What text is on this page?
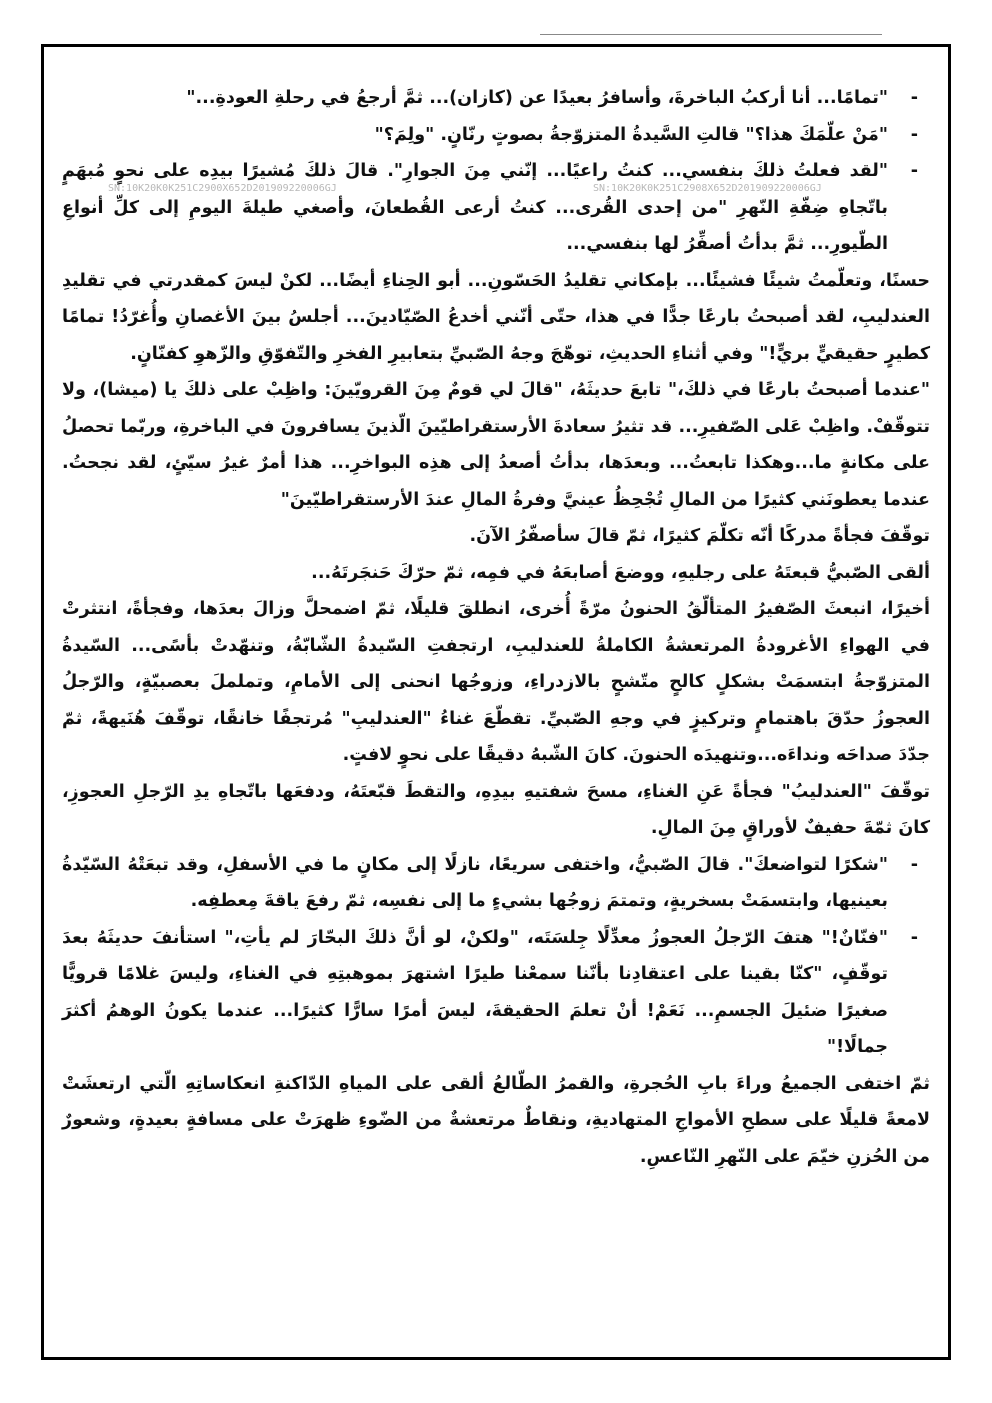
-
"تمامًا... أنا أركبُ الباخرةَ، وأسافرُ بعيدًا عن (كازان)... ثمَّ أرجعُ في رحلةِ العودةِ..."

-
"مَنْ علّمَكَ هذا؟" قالتِ السَّيدةُ المتزوّجةُ بصوتٍ رنّانٍ. "ولِمَ؟"

SN:10K20K0K251C2900X652D201909220006GJ	SN:10K20K0K251C2908X652D201909220006GJ

-
"لقد فعلتُ ذلكَ بنفسي... كنتُ راعيًا... إنّني مِنَ الجوارِ". قالَ ذلكَ مُشيرًا بيدِه على نحوٍ مُبهَمٍ باتّجاهِ ضِفّةِ النّهرِ "من إحدى القُرى... كنتُ أرعى القُطعانَ، وأصغي طيلةَ اليومِ إلى كلِّ أنواعِ الطّيورِ... ثمَّ بدأتُ أصفِّرُ لها بنفسي...

حسنًا، وتعلّمتُ شيئًا فشيئًا... بإمكاني تقليدُ الحَسّونِ... أبو الحِناءِ أيضًا... لكنْ ليسَ كمقدرتي في تقليدِ العندليبِ، لقد أصبحتُ بارعًا جدًّا في هذا، حتّى أنّني أخدعُ الصّيّادينَ... أجلسُ بينَ الأغصانِ وأُغرّدُ! تمامًا كطيرٍ حقيقيٍّ بريٍّ!" وفي أثناءِ الحديثِ، توهّجَ وجهُ الصّبيِّ بتعابيرِ الفخرِ والتّفوّقِ والزّهوِ كفنّانٍ.

"عندما أصبحتُ بارعًا في ذلكَ،" تابعَ حديثَهُ، "قالَ لي قومٌ مِنَ القرويّينَ: واظِبْ على ذلكَ يا (ميشا)، ولا تتوقّفْ. واظِبْ عَلى الصّفيرِ... قد تثيرُ سعادةَ الأرستقراطيّينَ الّذينَ يسافرونَ في الباخرةِ، وربّما تحصلُ على مكانةٍ ما...وهكذا تابعتُ... وبعدَها، بدأتُ أصعدُ إلى هذِه البواخرِ... هذا أمرٌ غيرُ سيّئٍ، لقد نجحتُ. عندما يعطونَني كثيرًا من المالِ تُجْحِظُ عينيَّ وفرةُ المالِ عندَ الأرستقراطيّينَ"

توقّفَ فجأةً مدركًا أنّه تكلّمَ كثيرًا، ثمّ قالَ سأصفّرُ الآنَ.

ألقى الصّبيُّ قبعتَهُ على رجليهِ، ووضعَ أصابعَهُ في فمِه، ثمّ حرّكَ حَنجَرتَهُ...

أخيرًا، انبعثَ الصّفيرُ المتألّقُ الحنونُ مرّةً أُخرى، انطلقَ قليلًا، ثمّ اضمحلَّ وزالَ بعدَها، وفجأةً، انتثرتْ في الهواءِ الأغرودةُ المرتعشةُ الكاملةُ للعندليبِ، ارتجفتِ السّيدةُ الشّابّةُ، وتنهّدتْ بأسًى... السّيدةُ المتزوّجةُ ابتسمَتْ بشكلٍ كالحٍ متّشحٍ بالازدراءِ، وزوجُها انحنى إلى الأمامِ، وتململَ بعصبيّةٍ، والرّجلُ العجوزُ حدّقَ باهتمامٍ وتركيزٍ في وجهِ الصّبيِّ. تقطّعَ غناءُ "العندليبِ" مُرتجفًا خانقًا، توقّفَ هُنَيهةً، ثمّ جدّدَ صداحَه ونداءَه...وتنهيدَه الحنونَ. كانَ الشّبهُ دقيقًا على نحوٍ لافتٍ.

توقّفَ "العندليبُ" فجأةً عَنِ الغناءِ، مسحَ شفتيهِ بيدِهِ، والتقطَ قبّعتَهُ، ودفعَها باتّجاهِ يدِ الرّجلِ العجوزِ، كانَ ثمّةَ حفيفٌ لأوراقٍ مِنَ المالِ.

-
"شكرًا لتواضعكَ". قالَ الصّبيُّ، واختفى سريعًا، نازلًا إلى مكانٍ ما في الأسفلِ، وقد تبعَتْهُ السّيّدةُ بعينيها، وابتسمَتْ بسخريةٍ، وتمتمَ زوجُها بشيءٍ ما إلى نفسِه، ثمّ رفعَ ياقةَ مِعطفِه.

-
"فنّانٌ!" هتفَ الرّجلُ العجوزُ معدِّلًا جِلسَتَه، "ولكنْ، لو أنَّ ذلكَ البحّارَ لم يأتِ،" استأنفَ حديثَهُ بعدَ توقّفٍ، "كنّا بقينا على اعتقادِنا بأنّنا سمعْنا طيرًا اشتهرَ بموهبتِهِ في الغناءِ، وليسَ غلامًا قرويًّا صغيرًا ضئيلَ الجسمِ... نَعَمْ! أنْ تعلمَ الحقيقةَ، ليسَ أمرًا سارًّا كثيرًا... عندما يكونُ الوهمُ أكثرَ جمالًا!"

ثمّ اختفى الجميعُ وراءَ بابِ الحُجرةِ، والقمرُ الطّالعُ ألقى على المياهِ الدّاكنةِ انعكاساتِهِ الّتي ارتعشَتْ لامعةً قليلًا على سطحِ الأمواجِ المتهاديةِ، ونقاطٌ مرتعشةٌ من الضّوءِ ظهرَتْ على مسافةٍ بعيدةٍ، وشعورٌ من الحُزنِ خيّمَ على النّهرِ النّاعسِ.
